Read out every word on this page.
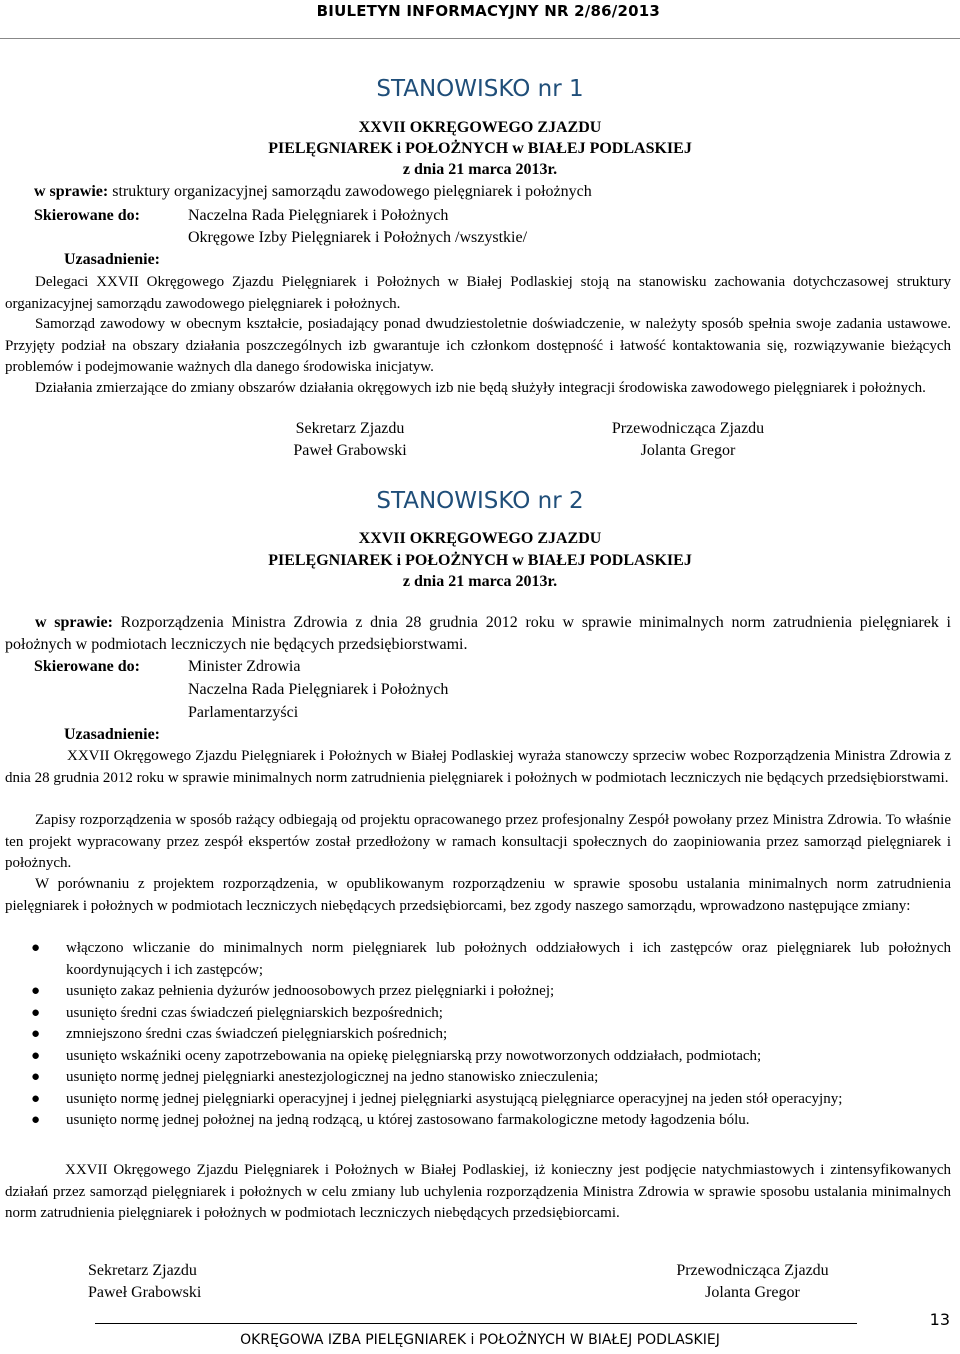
BIULETYN INFORMACYJNY NR 2/86/2013
STANOWISKO nr 1
XXVII OKRĘGOWEGO ZJAZDU
PIELĘGNIAREK i POŁOŻNYCH w BIAŁEJ PODLASKIEJ
z dnia 21 marca 2013r.
w sprawie: struktury organizacyjnej samorządu zawodowego pielęgniarek i położnych
Skierowane do:	Naczelna Rada Pielęgniarek i Położnych
Okręgowe Izby Pielęgniarek i Położnych /wszystkie/
Uzasadnienie:
Delegaci XXVII Okręgowego Zjazdu Pielęgniarek i Położnych w Białej Podlaskiej stoją na stanowisku zachowania dotychczasowej struktury organizacyjnej samorządu zawodowego pielęgniarek i położnych.
Samorząd zawodowy w obecnym kształcie, posiadający ponad dwudziestoletnie doświadczenie, w należyty sposób spełnia swoje zadania ustawowe. Przyjęty podział na obszary działania poszczególnych izb gwarantuje ich członkom dostępność i łatwość kontaktowania się, rozwiązywanie bieżących problemów i podejmowanie ważnych dla danego środowiska inicjatyw.
Działania zmierzające do zmiany obszarów działania okręgowych izb nie będą służyły integracji środowiska zawodowego pielęgniarek i położnych.
Sekretarz Zjazdu
Paweł Grabowski
Przewodnicząca Zjazdu
Jolanta Gregor
STANOWISKO nr 2
XXVII OKRĘGOWEGO ZJAZDU
PIELĘGNIAREK i POŁOŻNYCH w BIAŁEJ PODLASKIEJ
z dnia 21 marca 2013r.
w sprawie: Rozporządzenia Ministra Zdrowia z dnia 28 grudnia 2012 roku w sprawie minimalnych norm zatrudnienia pielęgniarek i położnych w podmiotach leczniczych nie będących przedsiębiorstwami.
Skierowane do:	Minister Zdrowia
Naczelna Rada Pielęgniarek i Położnych
Parlamentarzyści
Uzasadnienie:
XXVII Okręgowego Zjazdu Pielęgniarek i Położnych w Białej Podlaskiej wyraża stanowczy sprzeciw wobec Rozporządzenia Ministra Zdrowia z dnia 28 grudnia 2012 roku w sprawie minimalnych norm zatrudnienia pielęgniarek i położnych w podmiotach leczniczych nie będących przedsiębiorstwami.
Zapisy rozporządzenia w sposób rażący odbiegają od projektu opracowanego przez profesjonalny Zespół powołany przez Ministra Zdrowia. To właśnie ten projekt wypracowany przez zespół ekspertów został przedłożony w ramach konsultacji społecznych do zaopiniowania przez samorząd pielęgniarek i położnych.
W porównaniu z projektem rozporządzenia, w opublikowanym rozporządzeniu w sprawie sposobu ustalania minimalnych norm zatrudnienia pielęgniarek i położnych w podmiotach leczniczych niebędących przedsiębiorcami, bez zgody naszego samorządu, wprowadzono następujące zmiany:
● włączono wliczanie do minimalnych norm pielęgniarek lub położnych oddziałowych i ich zastępców oraz pielęgniarek lub położnych koordynujących i ich zastępców;
● usunięto zakaz pełnienia dyżurów jednoosobowych przez pielęgniarki i położnej;
● usunięto średni czas świadczeń pielęgniarskich bezpośrednich;
● zmniejszono średni czas świadczeń pielęgniarskich pośrednich;
● usunięto wskaźniki oceny zapotrzebowania na opiekę pielęgniarską przy nowotworzonych oddziałach, podmiotach;
● usunięto normę jednej pielęgniarki anestezjologicznej na jedno stanowisko znieczulenia;
● usunięto normę jednej pielęgniarki operacyjnej i jednej pielęgniarki asystującą pielęgniarce operacyjnej na jeden stół operacyjny;
● usunięto normę jednej położnej na jedną rodzącą, u której zastosowano farmakologiczne metody łagodzenia bólu.
XXVII Okręgowego Zjazdu Pielęgniarek i Położnych w Białej Podlaskiej, iż konieczny jest podjęcie natychmiastowych i zintensyfikowanych działań przez samorząd pielęgniarek i położnych w celu zmiany lub uchylenia rozporządzenia Ministra Zdrowia w sprawie sposobu ustalania minimalnych norm zatrudnienia pielęgniarek i położnych w podmiotach leczniczych niebędących przedsiębiorcami.
Sekretarz Zjazdu
Paweł Grabowski
Przewodnicząca Zjazdu
Jolanta Gregor
OKRĘGOWA IZBA PIELĘGNIAREK i POŁOŻNYCH W BIAŁEJ PODLASKIEJ
13
